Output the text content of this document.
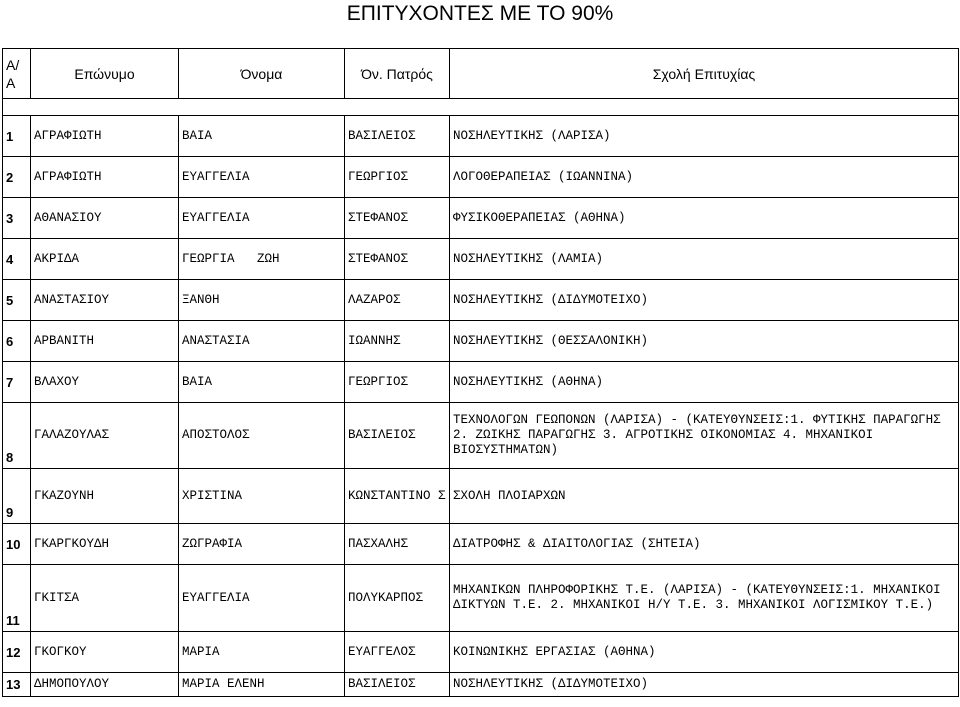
ΕΠΙΤΥΧΟΝΤΕΣ ΜΕ ΤΟ 90%
Α/ Α	Επώνυμο	Όνομα	Όν. Πατρός	Σχολή Επιτυχίας

1	ΑΓΡΑΦΙΩΤΗ	ΒΑΙΑ	ΒΑΣΙΛΕΙΟΣ	ΝΟΣΗΛΕΥΤΙΚΗΣ (ΛΑΡΙΣΑ)
2	ΑΓΡΑΦΙΩΤΗ	ΕΥΑΓΓΕΛΙΑ	ΓΕΩΡΓΙΟΣ	ΛΟΓΟΘΕΡΑΠΕΙΑΣ (ΙΩΑΝΝΙΝΑ)
3	ΑΘΑΝΑΣΙΟΥ	ΕΥΑΓΓΕΛΙΑ	ΣΤΕΦΑΝΟΣ	ΦΥΣΙΚΟΘΕΡΑΠΕΙΑΣ (ΑΘΗΝΑ)
4	ΑΚΡΙΔΑ	ΓΕΩΡΓΙΑ   ΖΩΗ	ΣΤΕΦΑΝΟΣ	ΝΟΣΗΛΕΥΤΙΚΗΣ (ΛΑΜΙΑ)
5	ΑΝΑΣΤΑΣΙΟΥ	ΞΑΝΘΗ	ΛΑΖΑΡΟΣ	ΝΟΣΗΛΕΥΤΙΚΗΣ (ΔΙΔΥΜΟΤΕΙΧΟ)
6	ΑΡΒΑΝΙΤΗ	ΑΝΑΣΤΑΣΙΑ	ΙΩΑΝΝΗΣ	ΝΟΣΗΛΕΥΤΙΚΗΣ (ΘΕΣΣΑΛΟΝΙΚΗ)
7	ΒΛΑΧΟΥ	ΒΑΙΑ	ΓΕΩΡΓΙΟΣ	ΝΟΣΗΛΕΥΤΙΚΗΣ (ΑΘΗΝΑ)
8	ΓΑΛΑΖΟΥΛΑΣ	ΑΠΟΣΤΟΛΟΣ	ΒΑΣΙΛΕΙΟΣ	ΤΕΧΝΟΛΟΓΩΝ ΓΕΩΠΟΝΩΝ (ΛΑΡΙΣΑ) - (ΚΑΤΕΥΘΥΝΣΕΙΣ:1. ΦΥΤΙΚΗΣ ΠΑΡΑΓΩΓΗΣ 2. ΖΩΙΚΗΣ ΠΑΡΑΓΩΓΗΣ 3. ΑΓΡΟΤΙΚΗΣ ΟΙΚΟΝΟΜΙΑΣ 4. ΜΗΧΑΝΙΚΟΙ ΒΙΟΣΥΣΤΗΜΑΤΩΝ)
9	ΓΚΑΖΟΥΝΗ	ΧΡΙΣΤΙΝΑ	ΚΩΝΣΤΑΝΤΙΝΟ Σ	ΣΧΟΛΗ ΠΛΟΙΑΡΧΩΝ
10	ΓΚΑΡΓΚΟΥΔΗ	ΖΩΓΡΑΦΙΑ	ΠΑΣΧΑΛΗΣ	ΔΙΑΤΡΟΦΗΣ & ΔΙΑΙΤΟΛΟΓΙΑΣ (ΣΗΤΕΙΑ)
11	ΓΚΙΤΣΑ	ΕΥΑΓΓΕΛΙΑ	ΠΟΛΥΚΑΡΠΟΣ	ΜΗΧΑΝΙΚΩΝ ΠΛΗΡΟΦΟΡΙΚΗΣ Τ.Ε. (ΛΑΡΙΣΑ) - (ΚΑΤΕΥΘΥΝΣΕΙΣ:1. ΜΗΧΑΝΙΚΟΙ ΔΙΚΤΥΩΝ Τ.Ε. 2. ΜΗΧΑΝΙΚΟΙ Η/Υ Τ.Ε. 3. ΜΗΧΑΝΙΚΟΙ ΛΟΓΙΣΜΙΚΟΥ Τ.Ε.)
12	ΓΚΟΓΚΟΥ	ΜΑΡΙΑ	ΕΥΑΓΓΕΛΟΣ	ΚΟΙΝΩΝΙΚΗΣ ΕΡΓΑΣΙΑΣ (ΑΘΗΝΑ)
13	ΔΗΜΟΠΟΥΛΟΥ	ΜΑΡΙΑ ΕΛΕΝΗ	ΒΑΣΙΛΕΙΟΣ	ΝΟΣΗΛΕΥΤΙΚΗΣ (ΔΙΔΥΜΟΤΕΙΧΟ)
